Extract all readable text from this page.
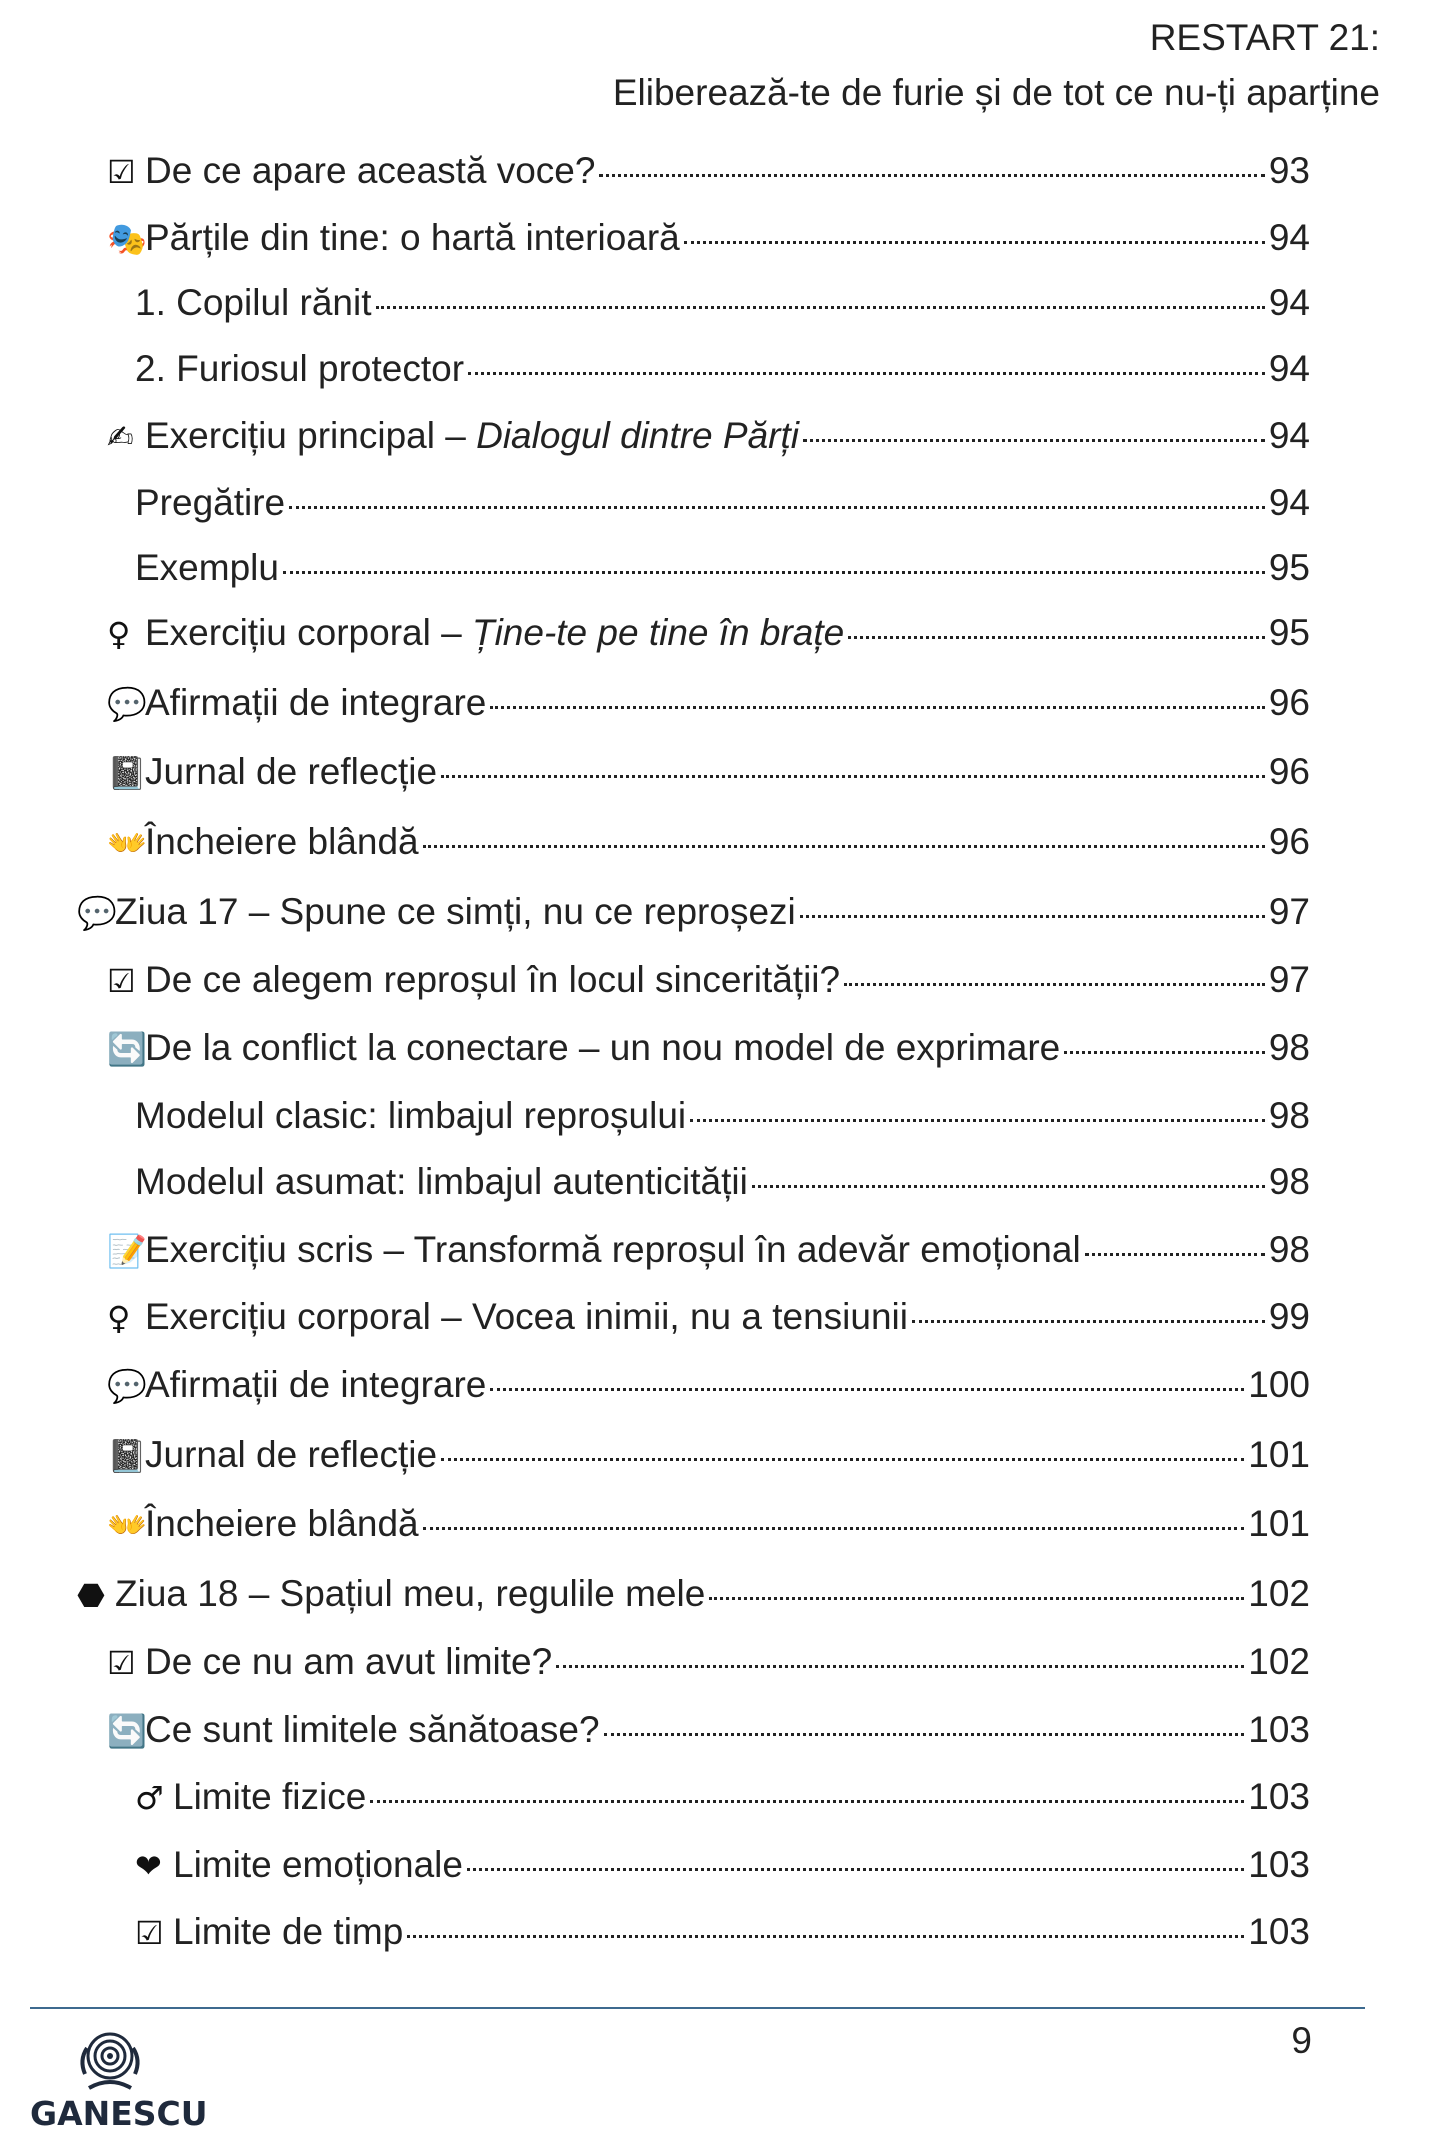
RESTART 21:
Eliberează-te de furie și de tot ce nu-ți aparține
☑ De ce apare această voce?	93
🎭
Părțile din tine: o hartă interioară	94
1. Copilul rănit	94
2. Furiosul protector	94
✍ Exercițiu principal – Dialogul dintre Părți	94
Pregătire	94
Exemplu	95
♀ Exercițiu corporal – Ține-te pe tine în brațe	95
💬
Afirmații de integrare	96
📓
Jurnal de reflecție	96
👐
Încheiere blândă	96
💬
Ziua 17 – Spune ce simți, nu ce reproșezi	97
☑ De ce alegem reproșul în locul sincerității?	97
🔄
De la conflict la conectare – un nou model de exprimare	98
Modelul clasic: limbajul reproșului	98
Modelul asumat: limbajul autenticității	98
📝
Exercițiu scris – Transformă reproșul în adevăr emoțional	98
♀ Exercițiu corporal – Vocea inimii, nu a tensiunii	99
💬
Afirmații de integrare	100
📓
Jurnal de reflecție	101
👐
Încheiere blândă	101
⬣ Ziua 18 – Spațiul meu, regulile mele	102
☑ De ce nu am avut limite?	102
🔄
Ce sunt limitele sănătoase?	103
♂ Limite fizice	103
❤ Limite emoționale	103
☑ Limite de timp	103
9
GANESCU
